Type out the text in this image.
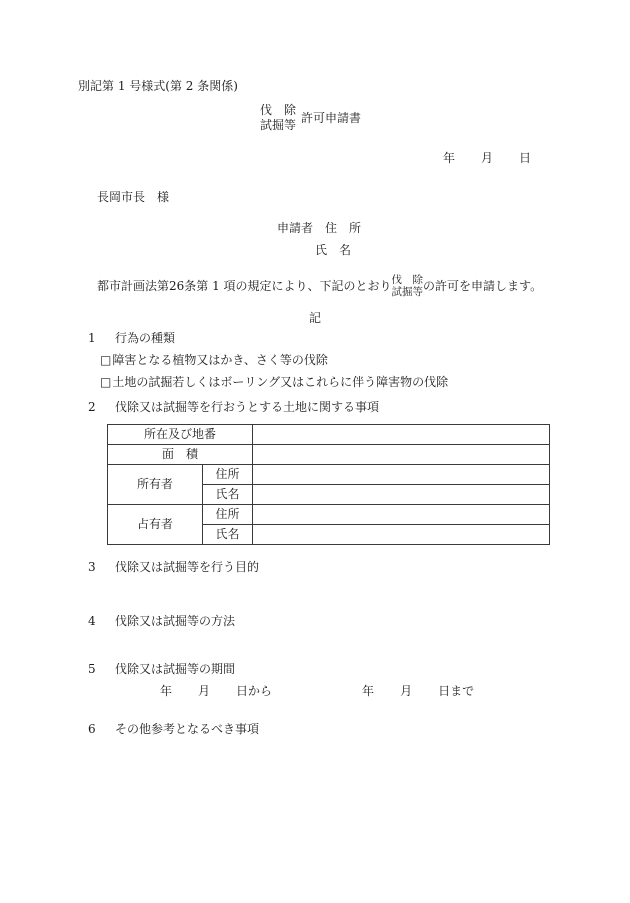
別記第 1 号様式(第 2 条関係)
伐　除
試掘等
許可申請書
年 月 日
長岡市長　様
申請者　住　所
氏　名
都市計画法第26条第 1 項の規定により、下記のとおり 伐　除
試掘等 の許可を申請します。
記
1	行為の種類
□ 障害となる植物又はかき、さく等の伐除
□ 土地の試掘若しくはボーリング又はこれらに伴う障害物の伐除
2	伐除又は試掘等を行おうとする土地に関する事項
所在及び地番		
面　積		
所有者	住所	
	氏名	
占有者	住所	
	氏名	
3	伐除又は試掘等を行う目的
4	伐除又は試掘等の方法
5	伐除又は試掘等の期間
年 月 日から	年 月 日まで
6	その他参考となるべき事項
